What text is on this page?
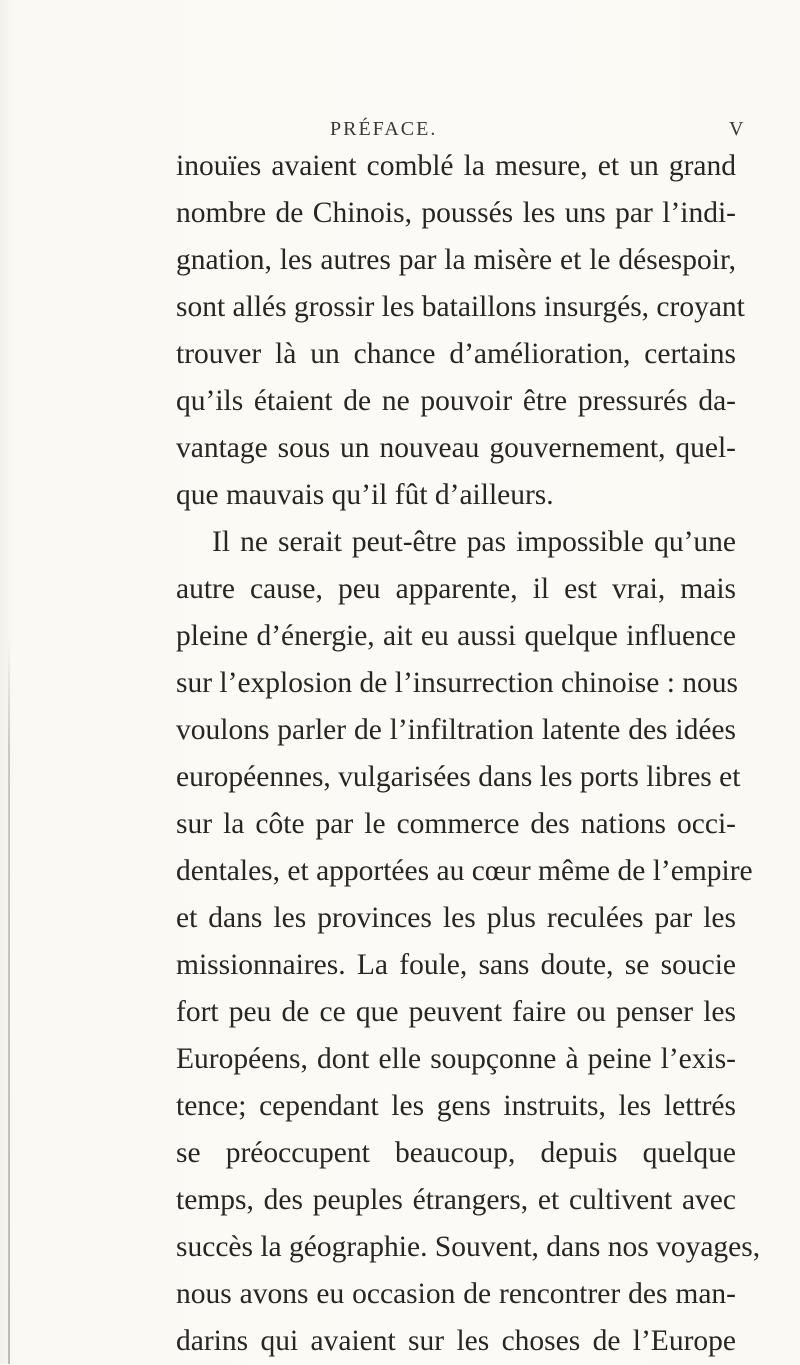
PRÉFACE.	V
inouïes avaient comblé la mesure, et un grand
nombre de Chinois, poussés les uns par l’indi-
gnation, les autres par la misère et le désespoir,
sont allés grossir les bataillons insurgés, croyant
trouver là un chance d’amélioration, certains
qu’ils étaient de ne pouvoir être pressurés da-
vantage sous un nouveau gouvernement, quel-
que mauvais qu’il fût d’ailleurs.
Il ne serait peut-être pas impossible qu’une
autre cause, peu apparente, il est vrai, mais
pleine d’énergie, ait eu aussi quelque influence
sur l’explosion de l’insurrection chinoise : nous
voulons parler de l’infiltration latente des idées
européennes, vulgarisées dans les ports libres et
sur la côte par le commerce des nations occi-
dentales, et apportées au cœur même de l’empire
et dans les provinces les plus reculées par les
missionnaires. La foule, sans doute, se soucie
fort peu de ce que peuvent faire ou penser les
Européens, dont elle soupçonne à peine l’exis-
tence; cependant les gens instruits, les lettrés
se préoccupent beaucoup, depuis quelque
temps, des peuples étrangers, et cultivent avec
succès la géographie. Souvent, dans nos voyages,
nous avons eu occasion de rencontrer des man-
darins qui avaient sur les choses de l’Europe
